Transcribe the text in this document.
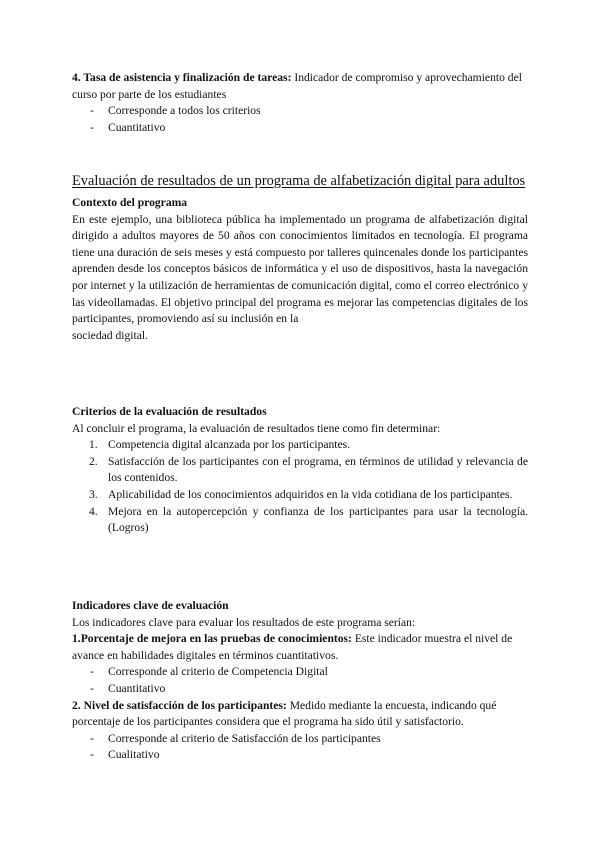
4. Tasa de asistencia y finalización de tareas: Indicador de compromiso y aprovechamiento del curso por parte de los estudiantes

- Corresponde a todos los criterios
- Cuantitativo

Evaluación de resultados de un programa de alfabetización digital para adultos

Contexto del programa

En este ejemplo, una biblioteca pública ha implementado un programa de alfabetización digital dirigido a adultos mayores de 50 años con conocimientos limitados en tecnología. El programa tiene una duración de seis meses y está compuesto por talleres quincenales donde los participantes aprenden desde los conceptos básicos de informática y el uso de dispositivos, hasta la navegación por internet y la utilización de herramientas de comunicación digital, como el correo electrónico y las videollamadas. El objetivo principal del programa es mejorar las competencias digitales de los participantes, promoviendo así su inclusión en la

sociedad digital.

Criterios de la evaluación de resultados

Al concluir el programa, la evaluación de resultados tiene como fin determinar:

1. Competencia digital alcanzada por los participantes.
2. Satisfacción de los participantes con el programa, en términos de utilidad y relevancia de los contenidos.
3. Aplicabilidad de los conocimientos adquiridos en la vida cotidiana de los participantes.
4. Mejora en la autopercepción y confianza de los participantes para usar la tecnología. (Logros)

Indicadores clave de evaluación

Los indicadores clave para evaluar los resultados de este programa serían:

1.Porcentaje de mejora en las pruebas de conocimientos: Este indicador muestra el nivel de avance en habilidades digitales en términos cuantitativos.

- Corresponde al criterio de Competencia Digital
- Cuantitativo

2. Nivel de satisfacción de los participantes: Medido mediante la encuesta, indicando qué porcentaje de los participantes considera que el programa ha sido útil y satisfactorio.

- Corresponde al criterio de Satisfacción de los participantes
- Cualitativo
